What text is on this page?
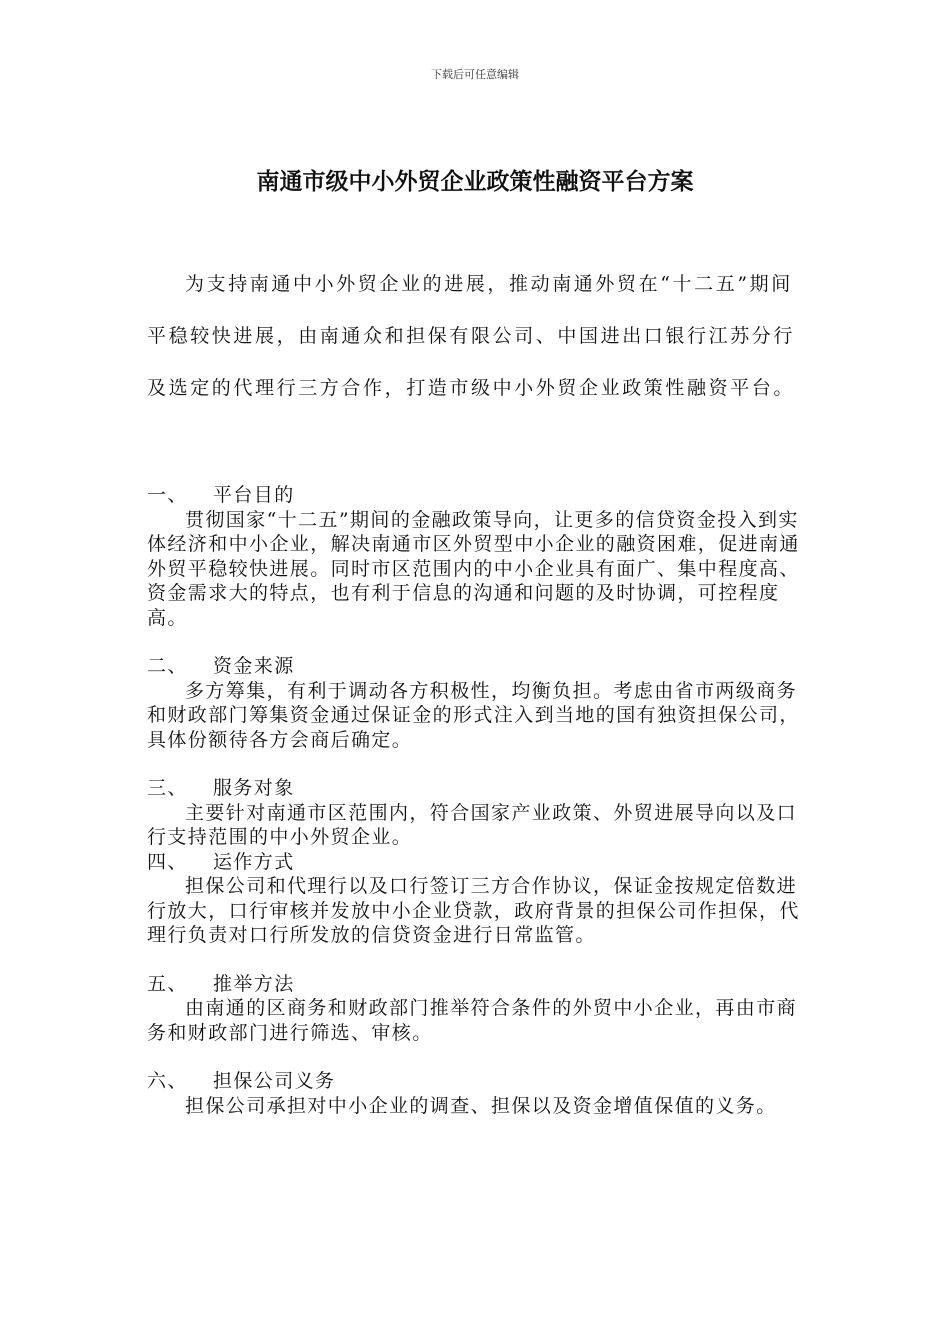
下载后可任意编辑
南通市级中小外贸企业政策性融资平台方案

为支持南通中小外贸企业的进展，推动南通外贸在“十二五”期间平稳较快进展，由南通众和担保有限公司、中国进出口银行江苏分行及选定的代理行三方合作，打造市级中小外贸企业政策性融资平台。

一、 平台目的

贯彻国家“十二五”期间的金融政策导向，让更多的信贷资金投入到实体经济和中小企业，解决南通市区外贸型中小企业的融资困难，促进南通外贸平稳较快进展。同时市区范围内的中小企业具有面广、集中程度高、资金需求大的特点，也有利于信息的沟通和问题的及时协调，可控程度高。

二、 资金来源

多方筹集，有利于调动各方积极性，均衡负担。考虑由省市两级商务和财政部门筹集资金通过保证金的形式注入到当地的国有独资担保公司，具体份额待各方会商后确定。

三、 服务对象

主要针对南通市区范围内，符合国家产业政策、外贸进展导向以及口行支持范围的中小外贸企业。

四、 运作方式

担保公司和代理行以及口行签订三方合作协议，保证金按规定倍数进行放大，口行审核并发放中小企业贷款，政府背景的担保公司作担保，代理行负责对口行所发放的信贷资金进行日常监管。

五、 推举方法

由南通的区商务和财政部门推举符合条件的外贸中小企业，再由市商务和财政部门进行筛选、审核。

六、 担保公司义务

担保公司承担对中小企业的调查、担保以及资金增值保值的义务。
